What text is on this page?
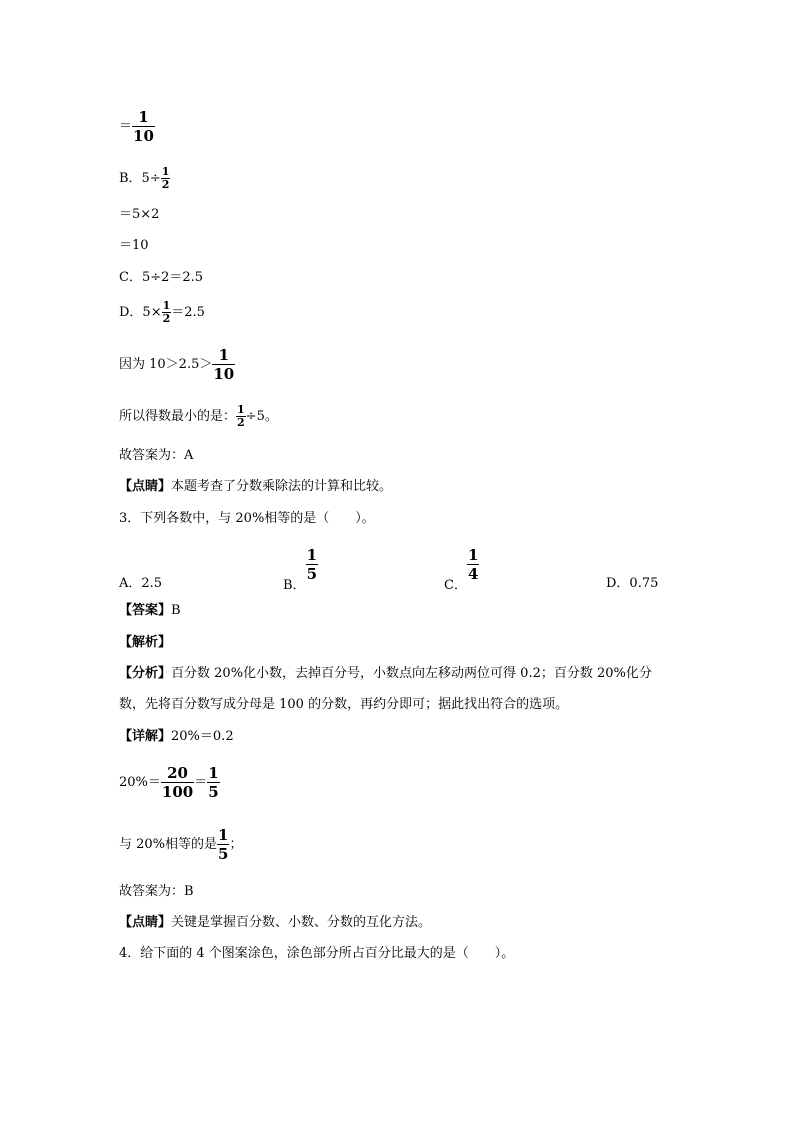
＝ $\frac{1}{10}$
B．$5\div \frac{1}{2}$
＝5×2
＝10
C．5÷2＝2.5
D．$5\times \frac{1}{2} =2.5$
因为 $10>2.5> \frac{1}{10}$
所以得数最小的是： $\frac{1}{2} \div 5$。
故答案为：A
【点睛】本题考查了分数乘除法的计算和比较。
3．下列各数中，与 20%相等的是（　　）。
A．2.5	B．
$\frac{1}{5}$
C．
$\frac{1}{4}$
D．0.75
【答案】B
【解析】
【分析】百分数 20%化小数，去掉百分号，小数点向左移动两位可得 0.2；百分数 20%化分
数，先将百分数写成分母是 100 的分数，再约分即可；据此找出符合的选项。
【详解】20%＝0.2
$20\%= \frac{20}{100} = \frac{1}{5}$
与 20%相等的是 $\frac{1}{5}$ ；
故答案为：B
【点睛】关键是掌握百分数、小数、分数的互化方法。
4．给下面的 4 个图案涂色，涂色部分所占百分比最大的是（　　）。
